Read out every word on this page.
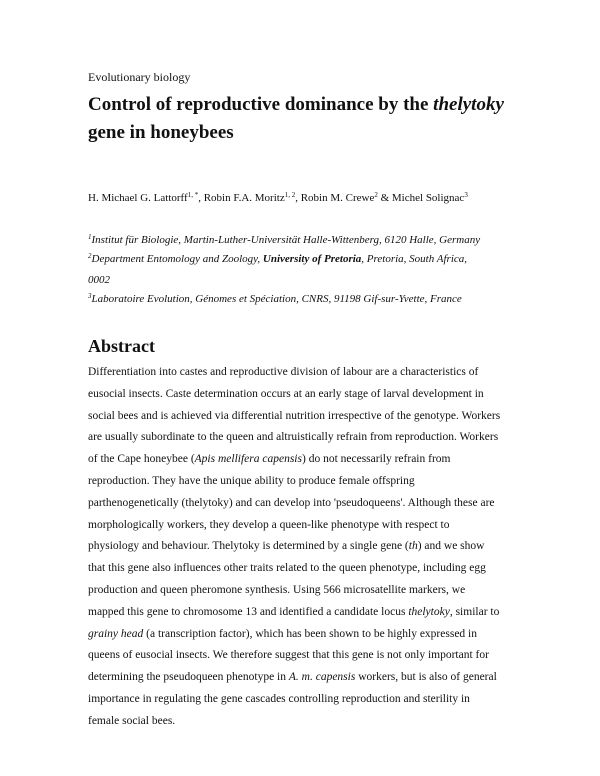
Evolutionary biology
Control of reproductive dominance by the thelytoky
gene in honeybees
H. Michael G. Lattorff$^{1, *}$, Robin F.A. Moritz$^{1, 2}$, Robin M. Crewe$^2$ & Michel Solignac$^3$
$^1$Institut für Biologie, Martin-Luther-Universität Halle-Wittenberg, 6120 Halle, Germany
$^2$Department Entomology and Zoology, University of Pretoria, Pretoria, South Africa,
0002
$^3$Laboratoire Evolution, Génomes et Spéciation, CNRS, 91198 Gif-sur-Yvette, France
Abstract
Differentiation into castes and reproductive division of labour are a characteristics of
eusocial insects. Caste determination occurs at an early stage of larval development in
social bees and is achieved via differential nutrition irrespective of the genotype. Workers
are usually subordinate to the queen and altruistically refrain from reproduction. Workers
of the Cape honeybee (Apis mellifera capensis) do not necessarily refrain from
reproduction. They have the unique ability to produce female offspring
parthenogenetically (thelytoky) and can develop into 'pseudoqueens'. Although these are
morphologically workers, they develop a queen-like phenotype with respect to
physiology and behaviour. Thelytoky is determined by a single gene (th) and we show
that this gene also influences other traits related to the queen phenotype, including egg
production and queen pheromone synthesis. Using 566 microsatellite markers, we
mapped this gene to chromosome 13 and identified a candidate locus thelytoky, similar to
grainy head (a transcription factor), which has been shown to be highly expressed in
queens of eusocial insects. We therefore suggest that this gene is not only important for
determining the pseudoqueen phenotype in A. m. capensis workers, but is also of general
importance in regulating the gene cascades controlling reproduction and sterility in
female social bees.
